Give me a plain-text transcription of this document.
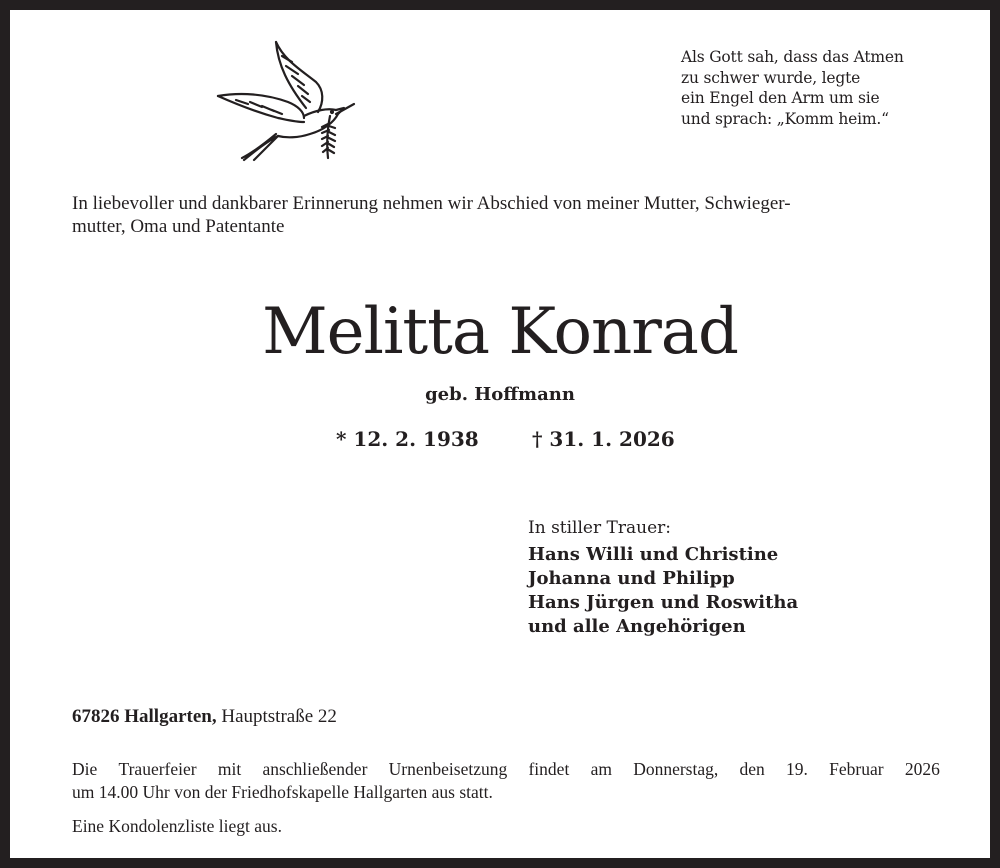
Als Gott sah, dass das Atmen
zu schwer wurde, legte
ein Engel den Arm um sie
und sprach: „Komm heim.“
In liebevoller und dankbarer Erinnerung nehmen wir Abschied von meiner Mutter, Schwieger-
mutter, Oma und Patentante
Melitta Konrad
geb. Hoffmann
* 12. 2. 1938	† 31. 1. 2026
In stiller Trauer:
Hans Willi und Christine
Johanna und Philipp
Hans Jürgen und Roswitha
und alle Angehörigen
67826 Hallgarten, Hauptstraße 22
Die Trauerfeier mit anschließender Urnenbeisetzung findet am Donnerstag, den 19. Februar 2026
um 14.00 Uhr von der Friedhofskapelle Hallgarten aus statt.
Eine Kondolenzliste liegt aus.
